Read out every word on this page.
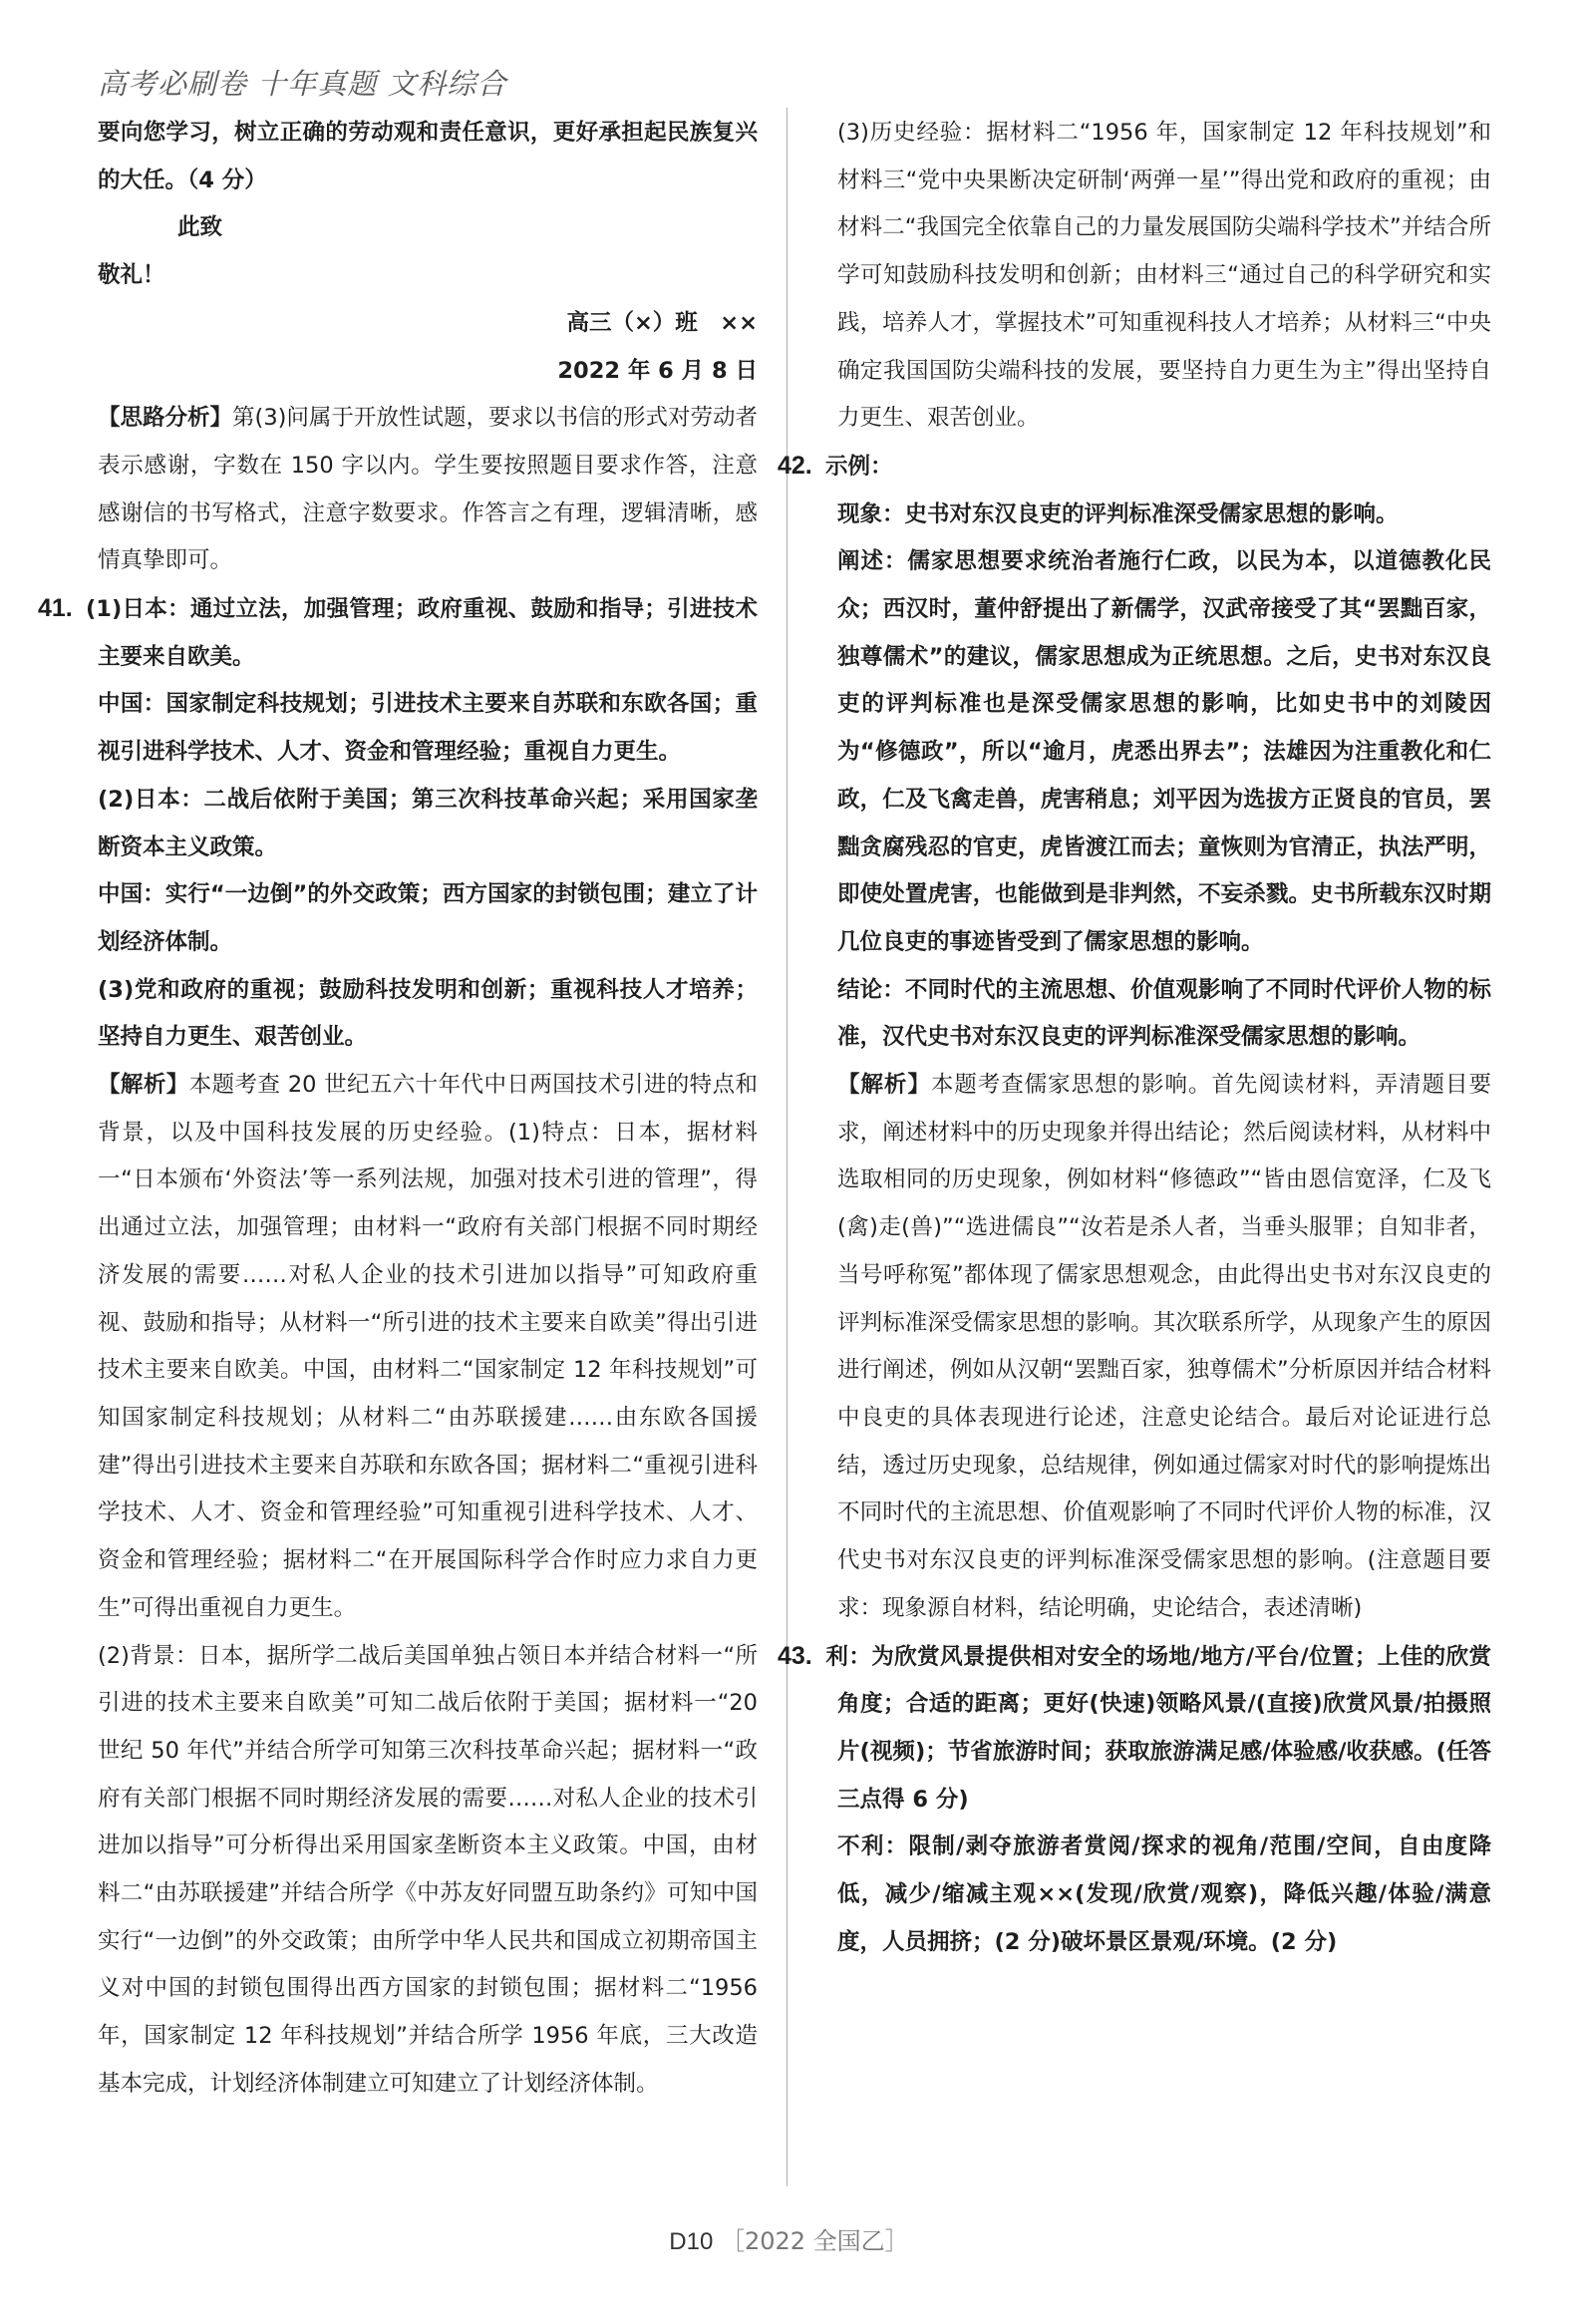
高考必刷卷 十年真题 文科综合

要向您学习，树立正确的劳动观和责任意识，更好承担起民族复兴的大任。（4 分）

此致

敬礼！

高三（×）班　××

2022 年 6 月 8 日

【思路分析】第(3)问属于开放性试题，要求以书信的形式对劳动者表示感谢，字数在 150 字以内。学生要按照题目要求作答，注意感谢信的书写格式，注意字数要求。作答言之有理，逻辑清晰，感情真挚即可。

41. (1)日本：通过立法，加强管理；政府重视、鼓励和指导；引进技术主要来自欧美。

中国：国家制定科技规划；引进技术主要来自苏联和东欧各国；重视引进科学技术、人才、资金和管理经验；重视自力更生。

(2)日本：二战后依附于美国；第三次科技革命兴起；采用国家垄断资本主义政策。

中国：实行“一边倒”的外交政策；西方国家的封锁包围；建立了计划经济体制。

(3)党和政府的重视；鼓励科技发明和创新；重视科技人才培养；坚持自力更生、艰苦创业。

【解析】本题考查 20 世纪五六十年代中日两国技术引进的特点和背景，以及中国科技发展的历史经验。(1)特点：日本，据材料一“日本颁布‘外资法’等一系列法规，加强对技术引进的管理”，得出通过立法，加强管理；由材料一“政府有关部门根据不同时期经济发展的需要……对私人企业的技术引进加以指导”可知政府重视、鼓励和指导；从材料一“所引进的技术主要来自欧美”得出引进技术主要来自欧美。中国，由材料二“国家制定 12 年科技规划”可知国家制定科技规划；从材料二“由苏联援建……由东欧各国援建”得出引进技术主要来自苏联和东欧各国；据材料二“重视引进科学技术、人才、资金和管理经验”可知重视引进科学技术、人才、资金和管理经验；据材料二“在开展国际科学合作时应力求自力更生”可得出重视自力更生。

(2)背景：日本，据所学二战后美国单独占领日本并结合材料一“所引进的技术主要来自欧美”可知二战后依附于美国；据材料一“20 世纪 50 年代”并结合所学可知第三次科技革命兴起；据材料一“政府有关部门根据不同时期经济发展的需要……对私人企业的技术引进加以指导”可分析得出采用国家垄断资本主义政策。中国，由材料二“由苏联援建”并结合所学《中苏友好同盟互助条约》可知中国实行“一边倒”的外交政策；由所学中华人民共和国成立初期帝国主义对中国的封锁包围得出西方国家的封锁包围；据材料二“1956 年，国家制定 12 年科技规划”并结合所学 1956 年底，三大改造基本完成，计划经济体制建立可知建立了计划经济体制。

(3)历史经验：据材料二“1956 年，国家制定 12 年科技规划”和材料三“党中央果断决定研制‘两弹一星’”得出党和政府的重视；由材料二“我国完全依靠自己的力量发展国防尖端科学技术”并结合所学可知鼓励科技发明和创新；由材料三“通过自己的科学研究和实践，培养人才，掌握技术”可知重视科技人才培养；从材料三“中央确定我国国防尖端科技的发展，要坚持自力更生为主”得出坚持自力更生、艰苦创业。

42. 示例：

现象：史书对东汉良吏的评判标准深受儒家思想的影响。

阐述：儒家思想要求统治者施行仁政，以民为本，以道德教化民众；西汉时，董仲舒提出了新儒学，汉武帝接受了其“罢黜百家，独尊儒术”的建议，儒家思想成为正统思想。之后，史书对东汉良吏的评判标准也是深受儒家思想的影响，比如史书中的刘陵因为“修德政”，所以“逾月，虎悉出界去”；法雄因为注重教化和仁政，仁及飞禽走兽，虎害稍息；刘平因为选拔方正贤良的官员，罢黜贪腐残忍的官吏，虎皆渡江而去；童恢则为官清正，执法严明，即使处置虎害，也能做到是非判然，不妄杀戮。史书所载东汉时期几位良吏的事迹皆受到了儒家思想的影响。

结论：不同时代的主流思想、价值观影响了不同时代评价人物的标准，汉代史书对东汉良吏的评判标准深受儒家思想的影响。

【解析】本题考查儒家思想的影响。首先阅读材料，弄清题目要求，阐述材料中的历史现象并得出结论；然后阅读材料，从材料中选取相同的历史现象，例如材料“修德政”“皆由恩信宽泽，仁及飞(禽)走(兽)”“选进儒良”“汝若是杀人者，当垂头服罪；自知非者，当号呼称冤”都体现了儒家思想观念，由此得出史书对东汉良吏的评判标准深受儒家思想的影响。其次联系所学，从现象产生的原因进行阐述，例如从汉朝“罢黜百家，独尊儒术”分析原因并结合材料中良吏的具体表现进行论述，注意史论结合。最后对论证进行总结，透过历史现象，总结规律，例如通过儒家对时代的影响提炼出不同时代的主流思想、价值观影响了不同时代评价人物的标准，汉代史书对东汉良吏的评判标准深受儒家思想的影响。(注意题目要求：现象源自材料，结论明确，史论结合，表述清晰)

43. 利：为欣赏风景提供相对安全的场地/地方/平台/位置；上佳的欣赏角度；合适的距离；更好(快速)领略风景/(直接)欣赏风景/拍摄照片(视频)；节省旅游时间；获取旅游满足感/体验感/收获感。(任答三点得 6 分)

不利：限制/剥夺旅游者赏阅/探求的视角/范围/空间，自由度降低，减少/缩减主观××(发现/欣赏/观察)，降低兴趣/体验/满意度，人员拥挤；(2 分)破坏景区景观/环境。(2 分)

D10 ［2022 全国乙］
